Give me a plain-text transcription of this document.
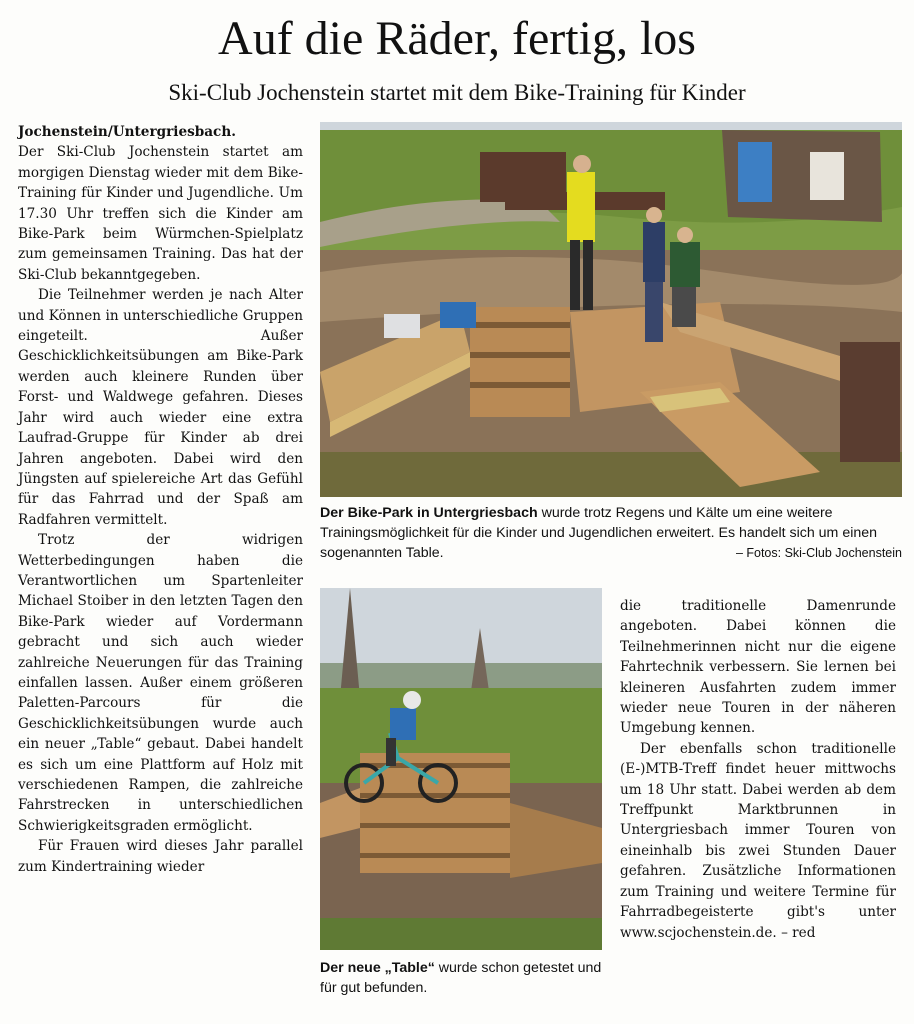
Auf die Räder, fertig, los
Ski-Club Jochenstein startet mit dem Bike-Training für Kinder

Jochenstein/Untergriesbach.
Der Ski-Club Jochenstein startet am morgigen Dienstag wieder mit dem Bike-Training für Kinder und Jugendliche. Um 17.30 Uhr treffen sich die Kinder am Bike-Park beim Würmchen-Spielplatz zum gemeinsamen Training. Das hat der Ski-Club bekanntgegeben.

Die Teilnehmer werden je nach Alter und Können in unterschiedliche Gruppen eingeteilt. Außer Geschicklichkeitsübungen am Bike-Park werden auch kleinere Runden über Forst- und Waldwege gefahren. Dieses Jahr wird auch wieder eine extra Laufrad-Gruppe für Kinder ab drei Jahren angeboten. Dabei wird den Jüngsten auf spielereiche Art das Gefühl für das Fahrrad und der Spaß am Radfahren vermittelt.

Trotz der widrigen Wetterbedingungen haben die Verantwortlichen um Spartenleiter Michael Stoiber in den letzten Tagen den Bike-Park wieder auf Vordermann gebracht und sich auch wieder zahlreiche Neuerungen für das Training einfallen lassen. Außer einem größeren Paletten-Parcours für die Geschicklichkeitsübungen wurde auch ein neuer „Table“ gebaut. Dabei handelt es sich um eine Plattform auf Holz mit verschiedenen Rampen, die zahlreiche Fahrstrecken in unterschiedlichen Schwierigkeitsgraden ermöglicht.

Für Frauen wird dieses Jahr parallel zum Kindertraining wieder

Der Bike-Park in Untergriesbach wurde trotz Regens und Kälte um eine weitere Trainingsmöglichkeit für die Kinder und Jugendlichen erweitert. Es handelt sich um einen sogenannten Table.	– Fotos: Ski-Club Jochenstein
Der neue „Table“ wurde schon getestet und für gut befunden.

die traditionelle Damenrunde angeboten. Dabei können die Teilnehmerinnen nicht nur die eigene Fahrtechnik verbessern. Sie lernen bei kleineren Ausfahrten zudem immer wieder neue Touren in der näheren Umgebung kennen.

Der ebenfalls schon traditionelle (E-)MTB-Treff findet heuer mittwochs um 18 Uhr statt. Dabei werden ab dem Treffpunkt Marktbrunnen in Untergriesbach immer Touren von eineinhalb bis zwei Stunden Dauer gefahren. Zusätzliche Informationen zum Training und weitere Termine für Fahrradbegeisterte gibt's unter www.scjochenstein.de. – red
